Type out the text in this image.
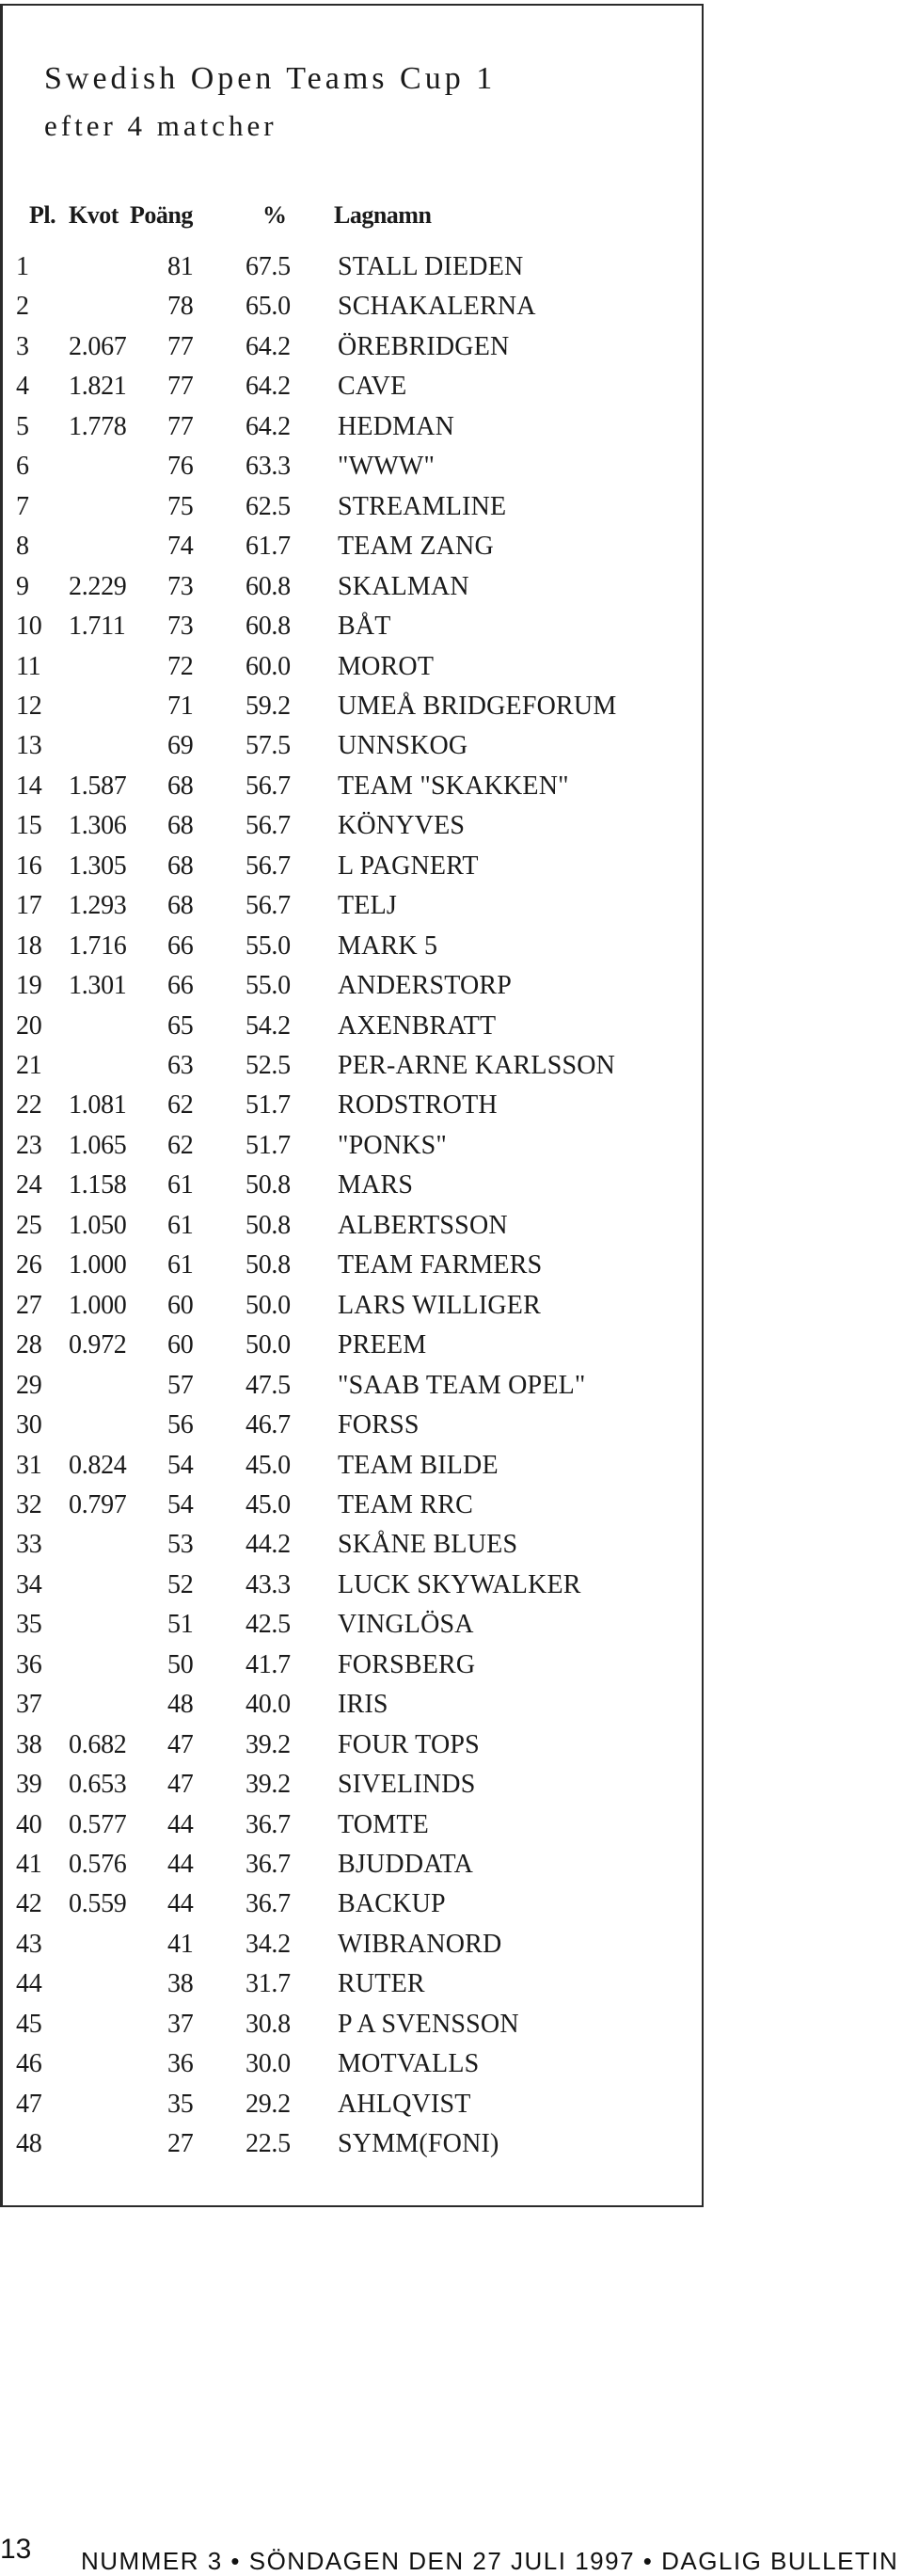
Swedish Open Teams Cup 1
efter 4 matcher
Pl. Kvot Poäng	% Lagnamn
1	81 67.5 STALL DIEDEN
2	78 65.0 SCHAKALERNA
3 2.067 77 64.2 ÖREBRIDGEN
4 1.821 77 64.2 CAVE
5 1.778 77 64.2 HEDMAN
6	76 63.3 "WWW"
7	75 62.5 STREAMLINE
8	74 61.7 TEAM ZANG
9 2.229 73 60.8 SKALMAN
10 1.711 73 60.8 BÅT
11	72 60.0 MOROT
12	71 59.2 UMEÅ BRIDGEFORUM
13	69 57.5 UNNSKOG
14 1.587 68 56.7 TEAM "SKAKKEN"
15 1.306 68 56.7 KÖNYVES
16 1.305 68 56.7 L PAGNERT
17 1.293 68 56.7 TELJ
18 1.716 66 55.0 MARK 5
19 1.301 66 55.0 ANDERSTORP
20	65 54.2 AXENBRATT
21	63 52.5 PER-ARNE KARLSSON
22 1.081 62 51.7 RODSTROTH
23 1.065 62 51.7 "PONKS"
24 1.158 61 50.8 MARS
25 1.050 61 50.8 ALBERTSSON
26 1.000 61 50.8 TEAM FARMERS
27 1.000 60 50.0 LARS WILLIGER
28 0.972 60 50.0 PREEM
29	57 47.5 "SAAB TEAM OPEL"
30	56 46.7 FORSS
31 0.824 54 45.0 TEAM BILDE
32 0.797 54 45.0 TEAM RRC
33	53 44.2 SKÅNE BLUES
34	52 43.3 LUCK SKYWALKER
35	51 42.5 VINGLÖSA
36	50 41.7 FORSBERG
37	48 40.0 IRIS
38 0.682 47 39.2 FOUR TOPS
39 0.653 47 39.2 SIVELINDS
40 0.577 44 36.7 TOMTE
41 0.576 44 36.7 BJUDDATA
42 0.559 44 36.7 BACKUP
43	41 34.2 WIBRANORD
44	38 31.7 RUTER
45	37 30.8 P A SVENSSON
46	36 30.0 MOTVALLS
47	35 29.2 AHLQVIST
48	27 22.5 SYMM(FONI)
13 NUMMER 3 • SÖNDAGEN DEN 27 JULI 1997 • DAGLIG BULLETIN
